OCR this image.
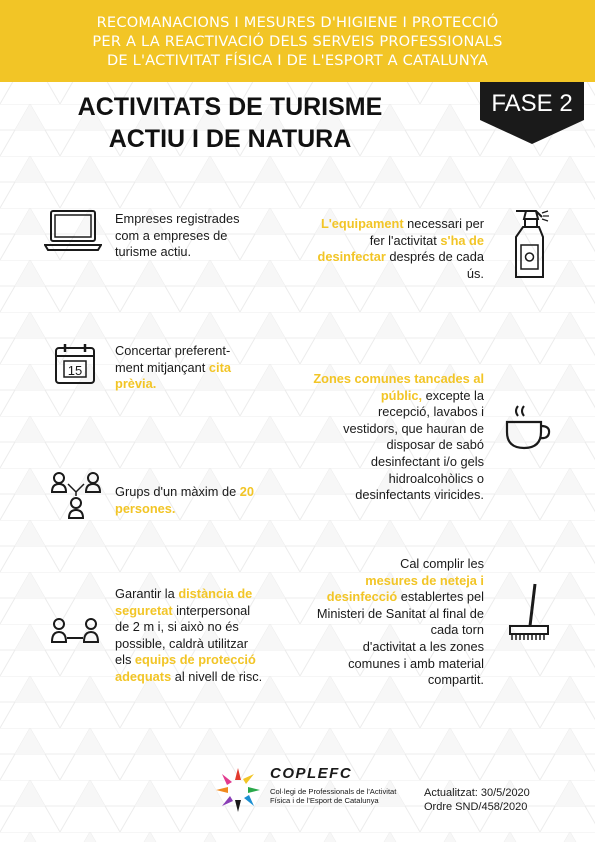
RECOMANACIONS I MESURES D'HIGIENE I PROTECCIÓ
PER A LA REACTIVACIÓ DELS SERVEIS PROFESSIONALS
DE L'ACTIVITAT FÍSICA I DE L'ESPORT A CATALUNYA
ACTIVITATS DE TURISME
ACTIU I DE NATURA
FASE 2
15
Empreses registrades
com a empreses de
turisme actiu.
Concertar preferent-
ment mitjançant cita
prèvia.
Grups d'un màxim de 20
persones.
Garantir la distància de
seguretat interpersonal
de 2 m i, si això no és
possible, caldrà utilitzar
els equips de protecció
adequats al nivell de risc.
L'equipament necessari per
fer l'activitat s'ha de
desinfectar després de cada
ús.
Zones comunes tancades al
públic, excepte la
recepció, lavabos i
vestidors, que hauran de
disposar de sabó
desinfectant i/o gels
hidroalcohòlics o
desinfectants viricides.
Cal complir les
mesures de neteja i
desinfecció establertes pel
Ministeri de Sanitat al final de
cada torn
d'activitat a les zones
comunes i amb material
compartit.
COPLEFC
Col·legi de Professionals de l'Activitat
Física i de l'Esport de Catalunya
Actualitzat: 30/5/2020
Ordre SND/458/2020
